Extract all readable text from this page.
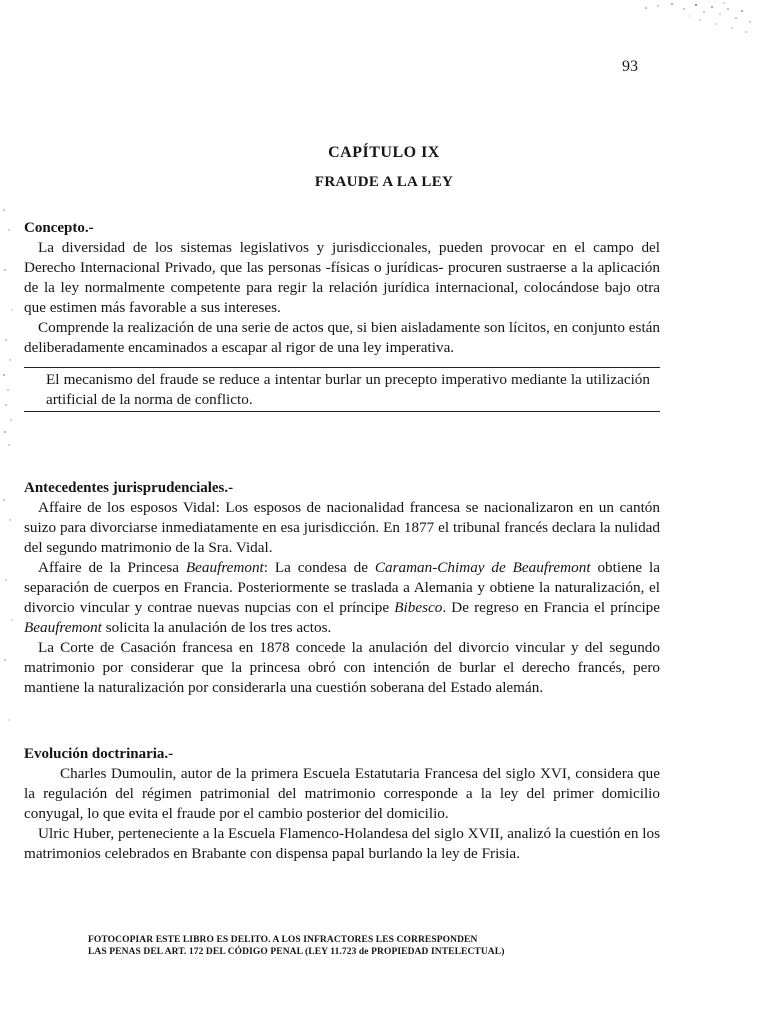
93
CAPÍTULO IX
FRAUDE A LA LEY

Concepto.-

La diversidad de los sistemas legislativos y jurisdiccionales, pueden provocar en el campo del Derecho Internacional Privado, que las personas -físicas o jurídicas- procuren sustraerse a la aplicación de la ley normalmente competente para regir la relación jurídica internacional, colocándose bajo otra que estimen más favorable a sus intereses.

Comprende la realización de una serie de actos que, si bien aisladamente son lícitos, en conjunto están deliberadamente encaminados a escapar al rigor de una ley imperativa.

El mecanismo del fraude se reduce a intentar burlar un precepto imperativo mediante la utilización artificial de la norma de conflicto.

Antecedentes jurisprudenciales.-

Affaire de los esposos Vidal: Los esposos de nacionalidad francesa se nacionalizaron en un cantón suizo para divorciarse inmediatamente en esa jurisdicción. En 1877 el tribunal francés declara la nulidad del segundo matrimonio de la Sra. Vidal.

Affaire de la Princesa Beaufremont: La condesa de Caraman-Chimay de Beaufremont obtiene la separación de cuerpos en Francia. Posteriormente se traslada a Alemania y obtiene la naturalización, el divorcio vincular y contrae nuevas nupcias con el príncipe Bibesco. De regreso en Francia el príncipe Beaufremont solicita la anulación de los tres actos.

La Corte de Casación francesa en 1878 concede la anulación del divorcio vincular y del segundo matrimonio por considerar que la princesa obró con intención de burlar el derecho francés, pero mantiene la naturalización por considerarla una cuestión soberana del Estado alemán.

Evolución doctrinaria.-

Charles Dumoulin, autor de la primera Escuela Estatutaria Francesa del siglo XVI, considera que la regulación del régimen patrimonial del matrimonio corresponde a la ley del primer domicilio conyugal, lo que evita el fraude por el cambio posterior del domicilio.

Ulric Huber, perteneciente a la Escuela Flamenco-Holandesa del siglo XVII, analizó la cuestión en los matrimonios celebrados en Brabante con dispensa papal burlando la ley de Frisia.

FOTOCOPIAR ESTE LIBRO ES DELITO. A LOS INFRACTORES LES CORRESPONDEN
LAS PENAS DEL ART. 172 DEL CÓDIGO PENAL (LEY 11.723 de PROPIEDAD INTELECTUAL)
